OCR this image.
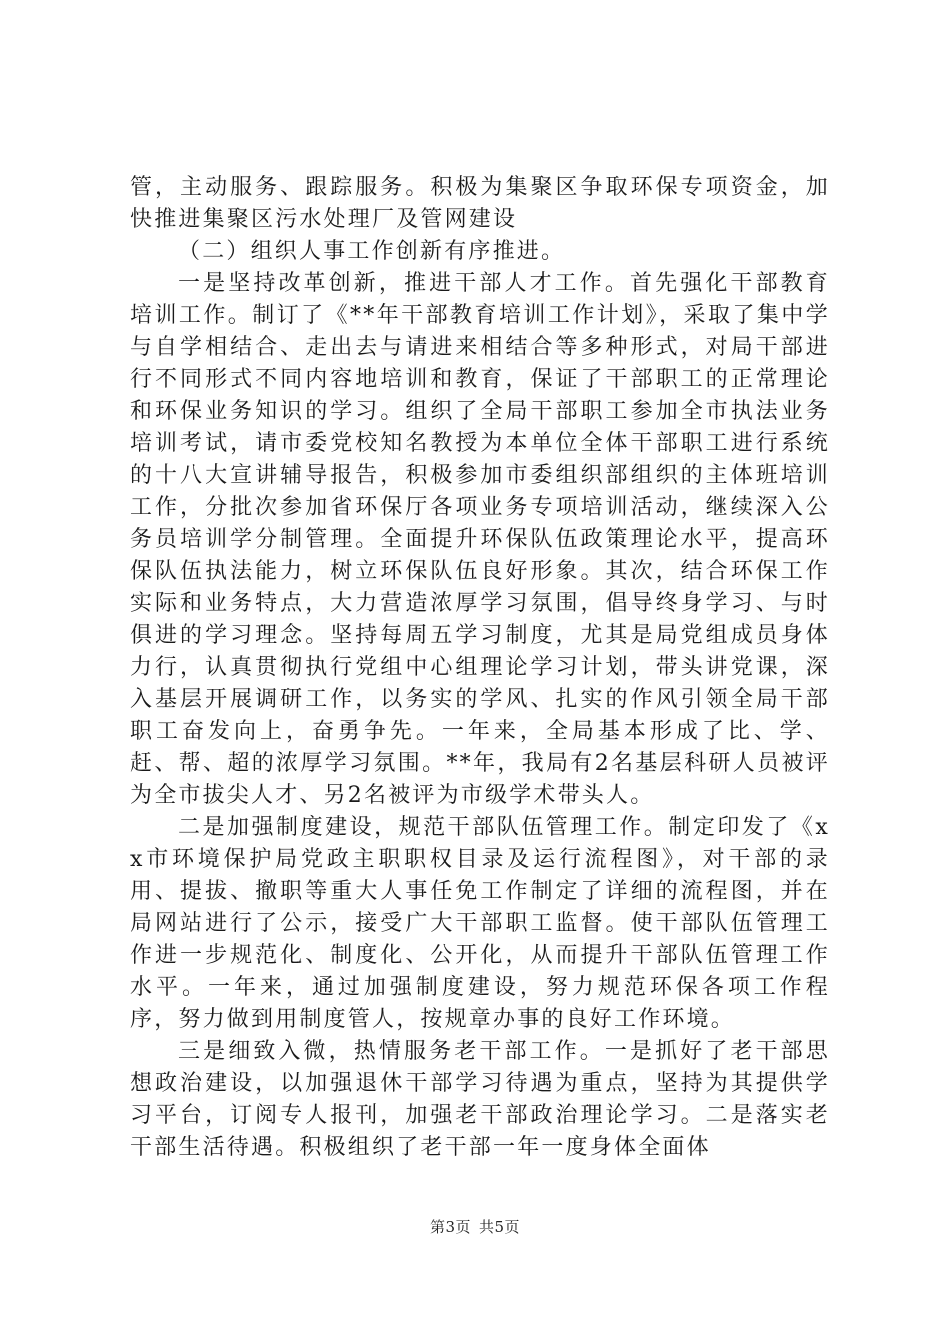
管，主动服务、跟踪服务。积极为集聚区争取环保专项资金，加快推进集聚区污水处理厂及管网建设

（二）组织人事工作创新有序推进。

一是坚持改革创新，推进干部人才工作。首先强化干部教育培训工作。制订了《**年干部教育培训工作计划》，采取了集中学与自学相结合、走出去与请进来相结合等多种形式，对局干部进行不同形式不同内容地培训和教育，保证了干部职工的正常理论和环保业务知识的学习。组织了全局干部职工参加全市执法业务培训考试，请市委党校知名教授为本单位全体干部职工进行系统的十八大宣讲辅导报告，积极参加市委组织部组织的主体班培训工作，分批次参加省环保厅各项业务专项培训活动，继续深入公务员培训学分制管理。全面提升环保队伍政策理论水平，提高环保队伍执法能力，树立环保队伍良好形象。其次，结合环保工作实际和业务特点，大力营造浓厚学习氛围，倡导终身学习、与时俱进的学习理念。坚持每周五学习制度，尤其是局党组成员身体力行，认真贯彻执行党组中心组理论学习计划，带头讲党课，深入基层开展调研工作，以务实的学风、扎实的作风引领全局干部职工奋发向上，奋勇争先。一年来，全局基本形成了比、学、赶、帮、超的浓厚学习氛围。**年，我局有2名基层科研人员被评为全市拔尖人才、另2名被评为市级学术带头人。

二是加强制度建设，规范干部队伍管理工作。制定印发了《xx市环境保护局党政主职职权目录及运行流程图》，对干部的录用、提拔、撤职等重大人事任免工作制定了详细的流程图，并在局网站进行了公示，接受广大干部职工监督。使干部队伍管理工作进一步规范化、制度化、公开化，从而提升干部队伍管理工作水平。一年来，通过加强制度建设，努力规范环保各项工作程序，努力做到用制度管人，按规章办事的良好工作环境。

三是细致入微，热情服务老干部工作。一是抓好了老干部思想政治建设，以加强退休干部学习待遇为重点，坚持为其提供学习平台，订阅专人报刊，加强老干部政治理论学习。二是落实老干部生活待遇。积极组织了老干部一年一度身体全面体

第3页 共5页
